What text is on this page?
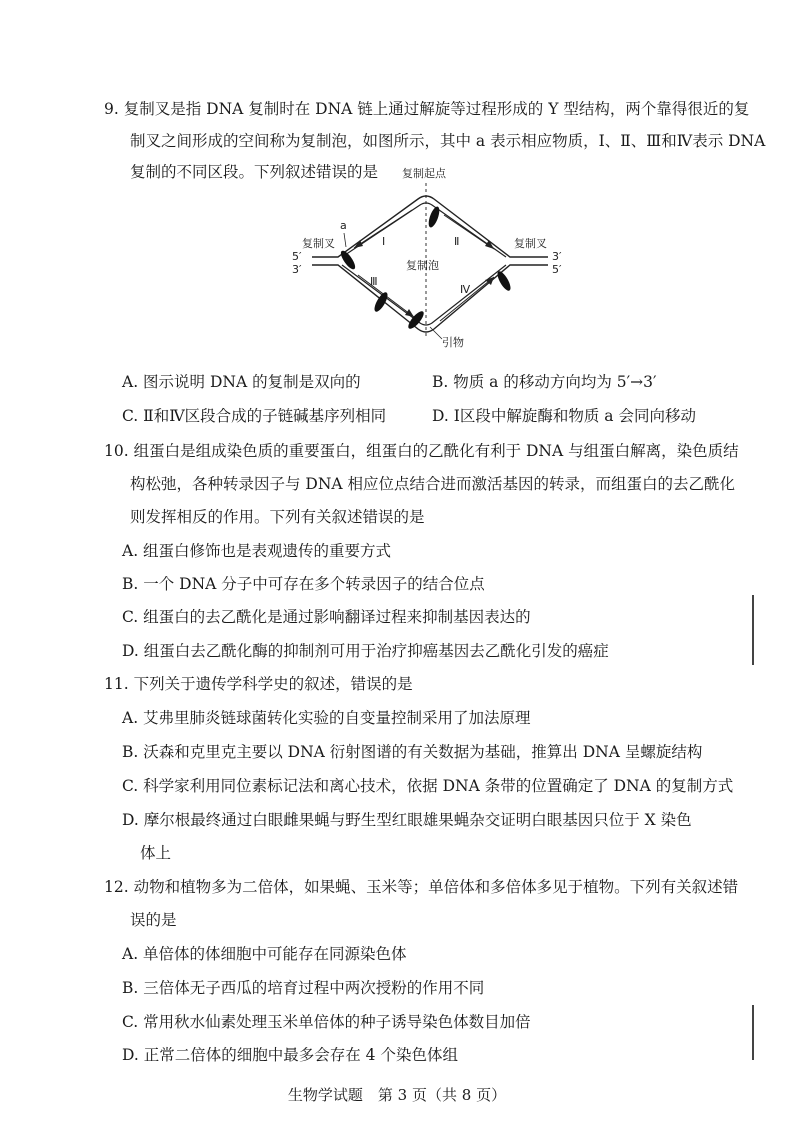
9. 复制叉是指 DNA 复制时在 DNA 链上通过解旋等过程形成的 Y 型结构，两个靠得很近的复
制叉之间形成的空间称为复制泡，如图所示，其中 a 表示相应物质，Ⅰ、Ⅱ、Ⅲ和Ⅳ表示 DNA
复制的不同区段。下列叙述错误的是 复制起点
a
复制叉	复制叉
复制泡
Ⅰ	Ⅱ
Ⅲ
Ⅳ
引物
5′
3′
3′
5′
A. 图示说明 DNA 的复制是双向的	B. 物质 a 的移动方向均为 5′→3′
C. Ⅱ和Ⅳ区段合成的子链碱基序列相同	D. Ⅰ区段中解旋酶和物质 a 会同向移动
10. 组蛋白是组成染色质的重要蛋白，组蛋白的乙酰化有利于 DNA 与组蛋白解离，染色质结
构松弛，各种转录因子与 DNA 相应位点结合进而激活基因的转录，而组蛋白的去乙酰化
则发挥相反的作用。下列有关叙述错误的是
A. 组蛋白修饰也是表观遗传的重要方式
B. 一个 DNA 分子中可存在多个转录因子的结合位点
C. 组蛋白的去乙酰化是通过影响翻译过程来抑制基因表达的
D. 组蛋白去乙酰化酶的抑制剂可用于治疗抑癌基因去乙酰化引发的癌症
11. 下列关于遗传学科学史的叙述，错误的是
A. 艾弗里肺炎链球菌转化实验的自变量控制采用了加法原理
B. 沃森和克里克主要以 DNA 衍射图谱的有关数据为基础，推算出 DNA 呈螺旋结构
C. 科学家利用同位素标记法和离心技术，依据 DNA 条带的位置确定了 DNA 的复制方式
D. 摩尔根最终通过白眼雌果蝇与野生型红眼雄果蝇杂交证明白眼基因只位于 X 染色
体上
12. 动物和植物多为二倍体，如果蝇、玉米等；单倍体和多倍体多见于植物。下列有关叙述错
误的是
A. 单倍体的体细胞中可能存在同源染色体
B. 三倍体无子西瓜的培育过程中两次授粉的作用不同
C. 常用秋水仙素处理玉米单倍体的种子诱导染色体数目加倍
D. 正常二倍体的细胞中最多会存在 4 个染色体组
生物学试题　第 3 页（共 8 页）
